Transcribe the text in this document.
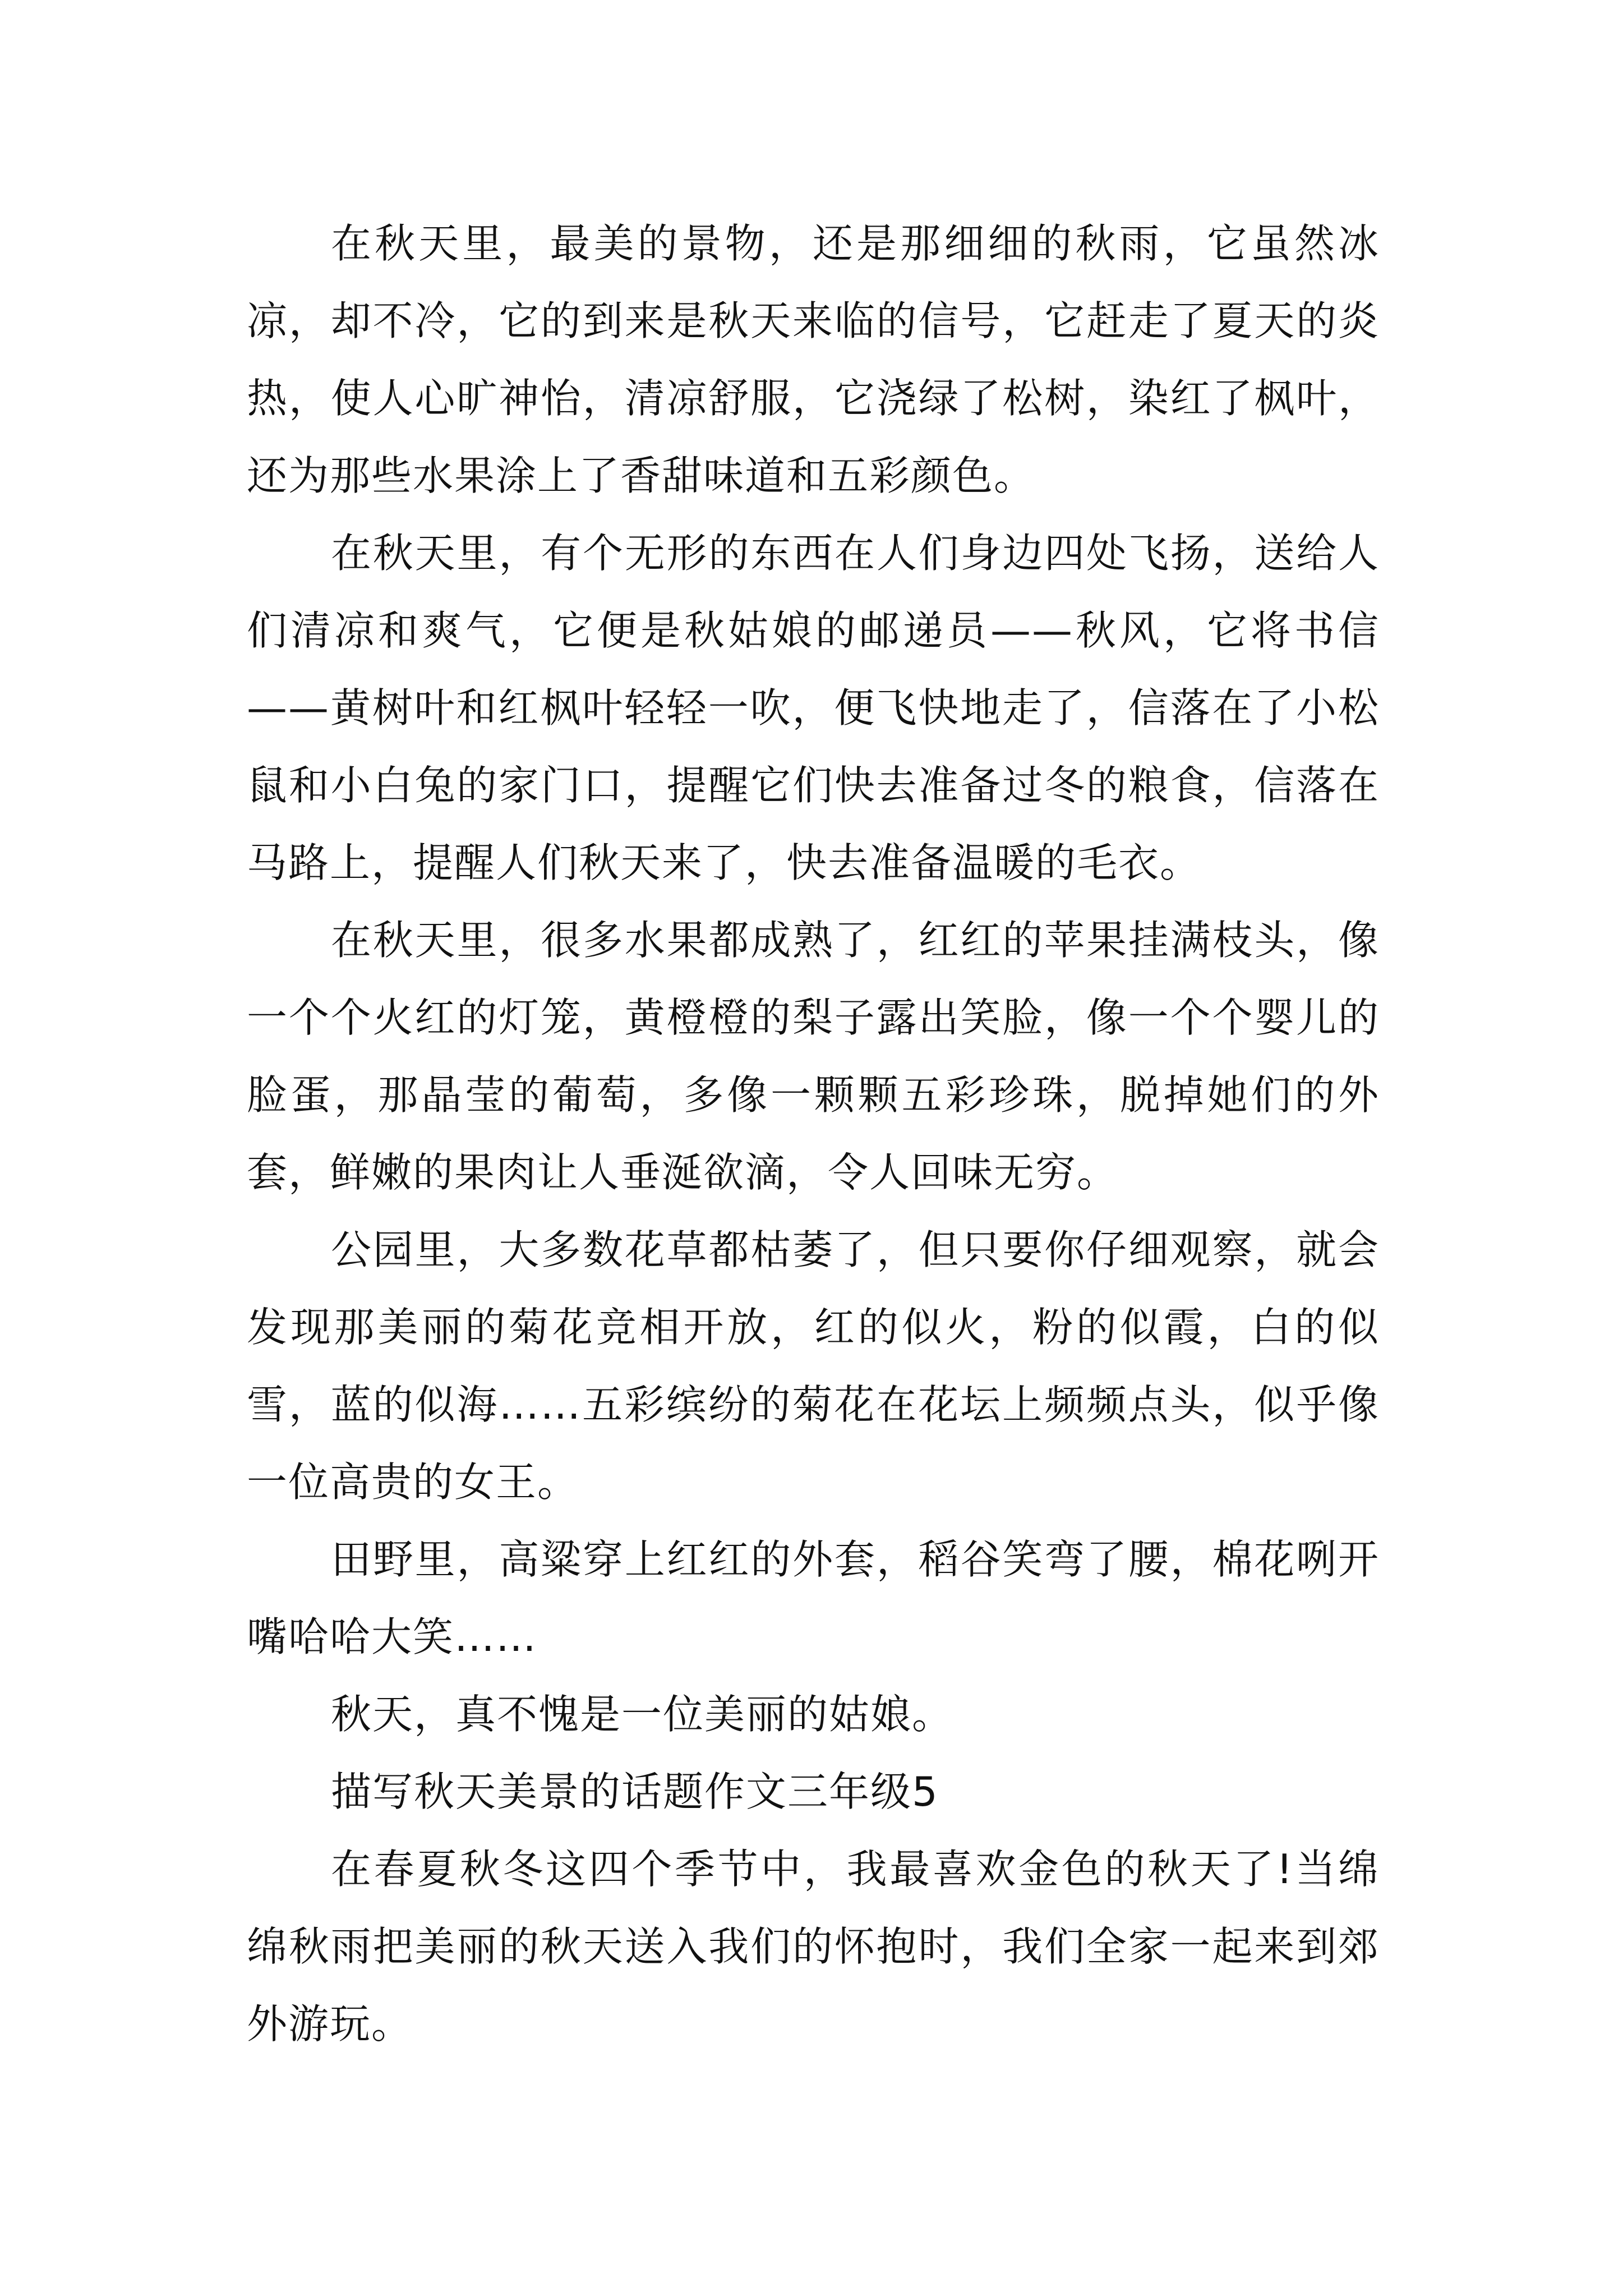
在秋天里，最美的景物，还是那细细的秋雨，它虽然冰凉，却不冷，它的到来是秋天来临的信号，它赶走了夏天的炎热，使人心旷神怡，清凉舒服，它浇绿了松树，染红了枫叶，还为那些水果涂上了香甜味道和五彩颜色。

在秋天里，有个无形的东西在人们身边四处飞扬，送给人们清凉和爽气，它便是秋姑娘的邮递员——秋风，它将书信——黄树叶和红枫叶轻轻一吹，便飞快地走了，信落在了小松鼠和小白兔的家门口，提醒它们快去准备过冬的粮食，信落在马路上，提醒人们秋天来了，快去准备温暖的毛衣。

在秋天里，很多水果都成熟了，红红的苹果挂满枝头，像一个个火红的灯笼，黄橙橙的梨子露出笑脸，像一个个婴儿的脸蛋，那晶莹的葡萄，多像一颗颗五彩珍珠，脱掉她们的外套，鲜嫩的果肉让人垂涎欲滴，令人回味无穷。

公园里，大多数花草都枯萎了，但只要你仔细观察，就会发现那美丽的菊花竞相开放，红的似火，粉的似霞，白的似雪，蓝的似海……五彩缤纷的菊花在花坛上频频点头，似乎像一位高贵的女王。

田野里，高粱穿上红红的外套，稻谷笑弯了腰，棉花咧开嘴哈哈大笑……

秋天，真不愧是一位美丽的姑娘。

描写秋天美景的话题作文三年级5

在春夏秋冬这四个季节中，我最喜欢金色的秋天了!当绵绵秋雨把美丽的秋天送入我们的怀抱时，我们全家一起来到郊外游玩。
